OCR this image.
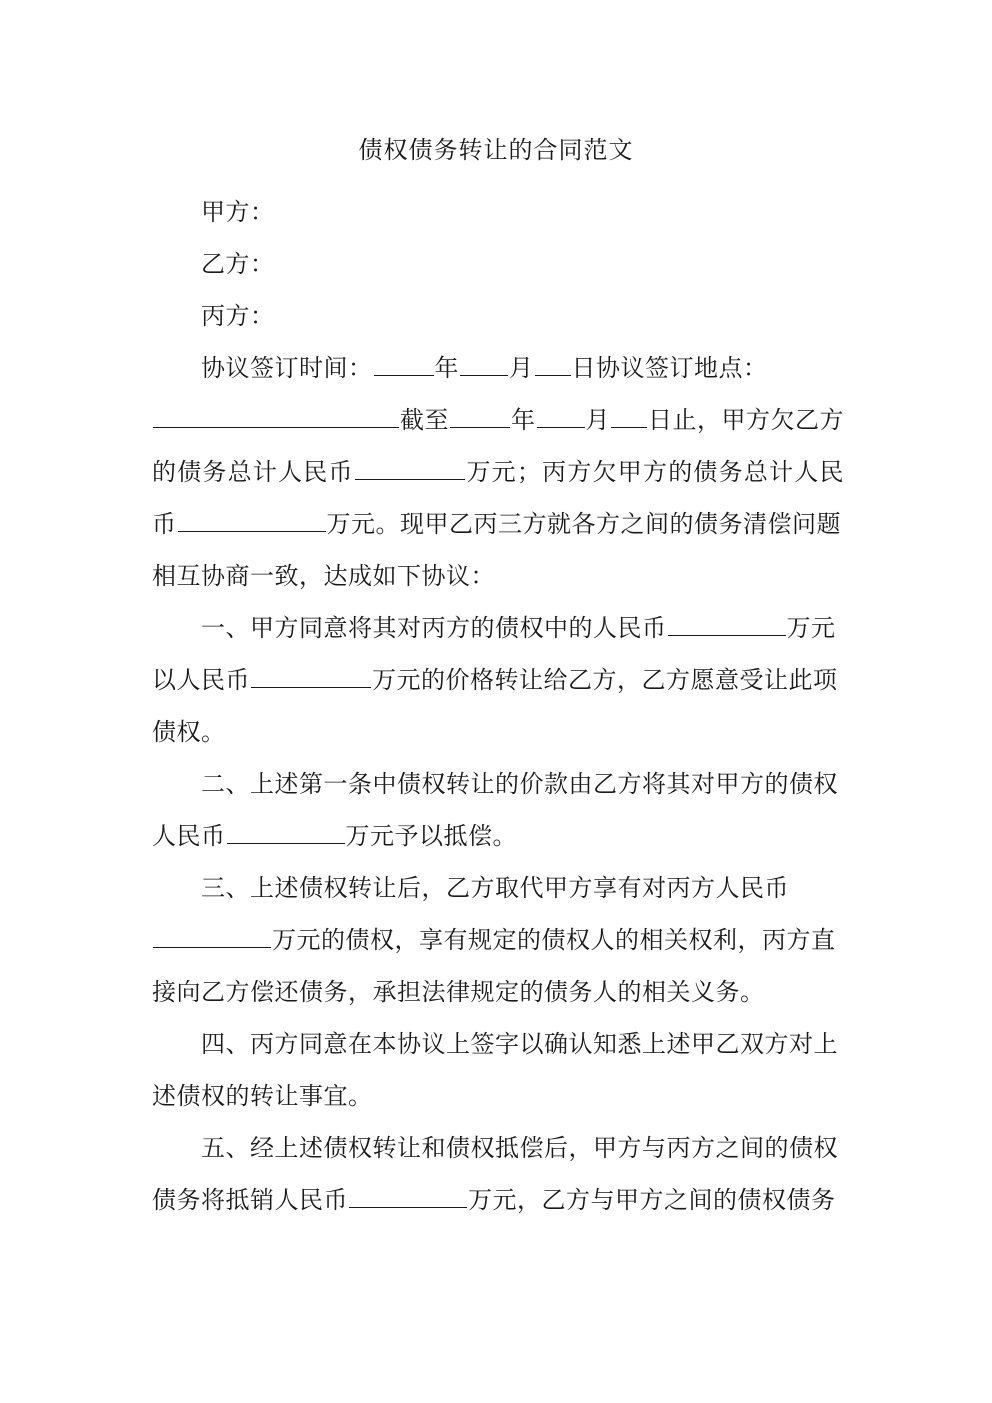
债权债务转让的合同范文
甲方：
乙方：
丙方：
协议签订时间：	年 月 日协议签订地点：
截至	年 月 日止，甲方欠乙方
的债务总计人民币	万元；丙方欠甲方的债务总计人民
币	万元。现甲乙丙三方就各方之间的债务清偿问题
相互协商一致，达成如下协议：
一、甲方同意将其对丙方的债权中的人民币	万元
以人民币	万元的价格转让给乙方，乙方愿意受让此项
债权。
二、上述第一条中债权转让的价款由乙方将其对甲方的债权
人民币	万元予以抵偿。
三、上述债权转让后，乙方取代甲方享有对丙方人民币
万元的债权，享有规定的债权人的相关权利，丙方直
接向乙方偿还债务，承担法律规定的债务人的相关义务。
四、丙方同意在本协议上签字以确认知悉上述甲乙双方对上
述债权的转让事宜。
五、经上述债权转让和债权抵偿后，甲方与丙方之间的债权
债务将抵销人民币	万元，乙方与甲方之间的债权债务
